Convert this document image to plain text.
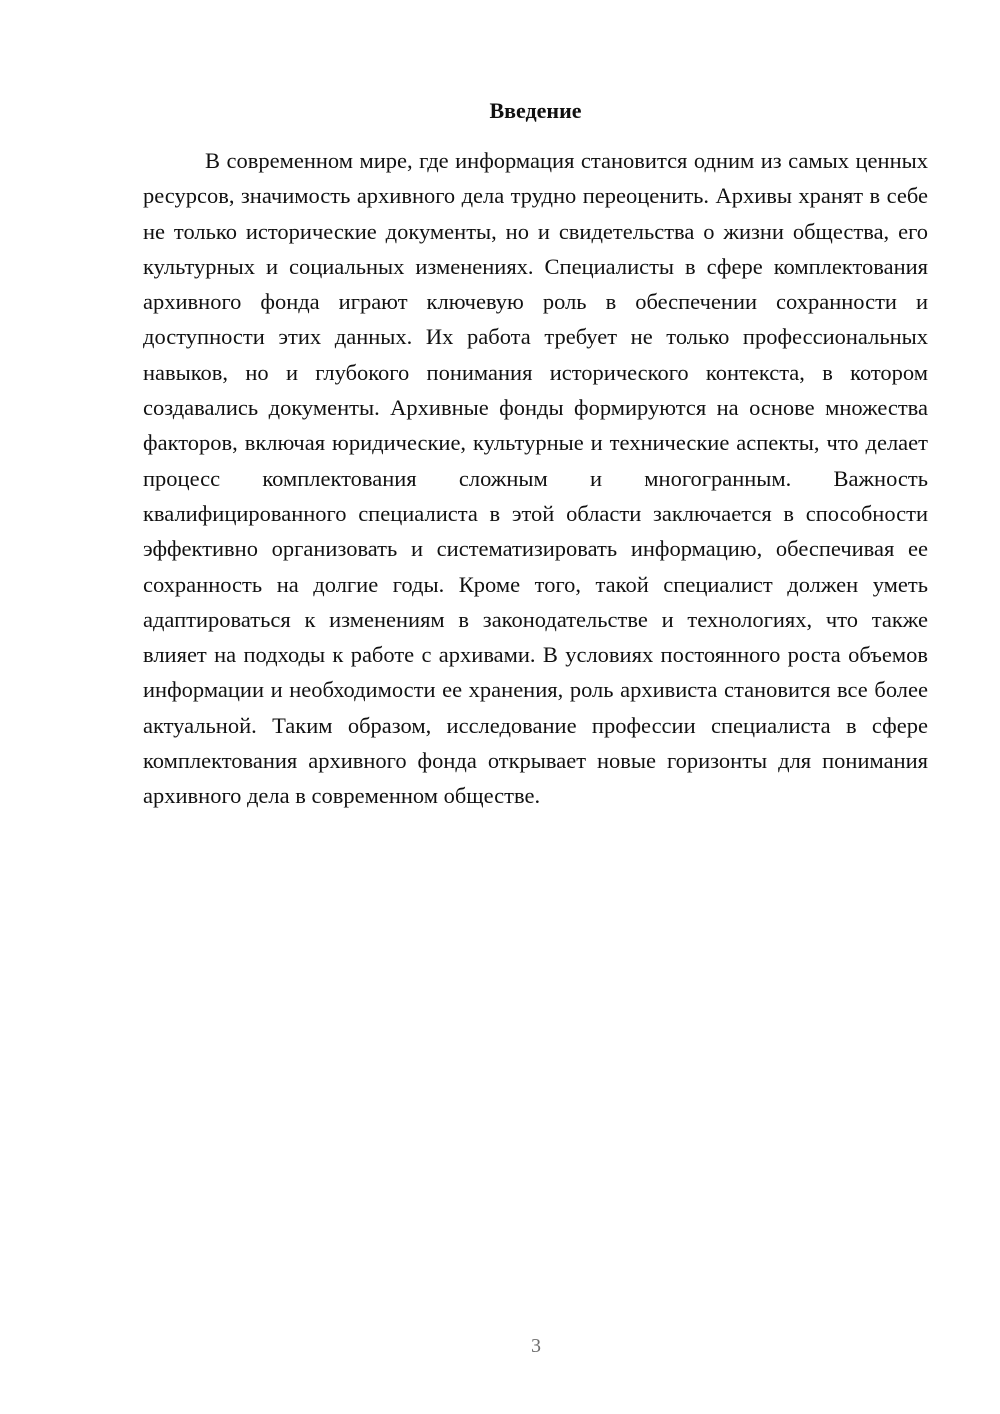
Введение

В современном мире, где информация становится одним из самых ценных ресурсов, значимость архивного дела трудно переоценить. Архивы хранят в себе не только исторические документы, но и свидетельства о жизни общества, его культурных и социальных изменениях. Специалисты в сфере комплектования архивного фонда играют ключевую роль в обеспечении сохранности и доступности этих данных. Их работа требует не только профессиональных навыков, но и глубокого понимания исторического контекста, в котором создавались документы. Архивные фонды формируются на основе множества факторов, включая юридические, культурные и технические аспекты, что делает процесс комплектования сложным и многогранным. Важность квалифицированного специалиста в этой области заключается в способности эффективно организовать и систематизировать информацию, обеспечивая ее сохранность на долгие годы. Кроме того, такой специалист должен уметь адаптироваться к изменениям в законодательстве и технологиях, что также влияет на подходы к работе с архивами. В условиях постоянного роста объемов информации и необходимости ее хранения, роль архивиста становится все более актуальной. Таким образом, исследование профессии специалиста в сфере комплектования архивного фонда открывает новые горизонты для понимания архивного дела в современном обществе.

3
